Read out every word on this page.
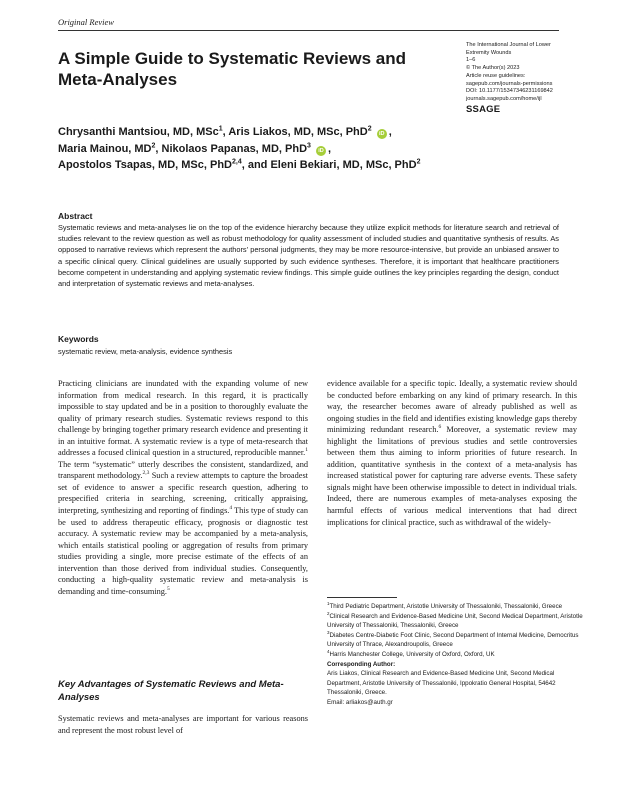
Original Review
A Simple Guide to Systematic Reviews and Meta-Analyses
The International Journal of Lower
Extremity Wounds
1–6
© The Author(s) 2023
Article reuse guidelines:
sagepub.com/journals-permissions
DOI: 10.1177/15347346231169842
journals.sagepub.com/home/ijl
SSAGE
Chrysanthi Mantsiou, MD, MSc$^1$, Aris Liakos, MD, MSc, PhD$^2$ iD ,
Maria Mainou, $MD^2$, Nikolaos Papanas, MD, PhD$^3$ iD ,
Apostolos Tsapas, MD, MSc, PhD$^{2,4}$, and Eleni Bekiari, MD, MSc, PhD$^2$
Abstract

Systematic reviews and meta-analyses lie on the top of the evidence hierarchy because they utilize explicit methods for literature search and retrieval of studies relevant to the review question as well as robust methodology for quality assessment of included studies and quantitative synthesis of results. As opposed to narrative reviews which represent the authors' personal judgments, they may be more resource-intensive, but provide an unbiased answer to a specific clinical query. Clinical guidelines are usually supported by such evidence syntheses. Therefore, it is important that healthcare practitioners become competent in understanding and applying systematic review findings. This simple guide outlines the key principles regarding the design, conduct and interpretation of systematic reviews and meta-analyses.

Keywords
systematic review, meta-analysis, evidence synthesis

Practicing clinicians are inundated with the expanding volume of new information from medical research. In this regard, it is practically impossible to stay updated and be in a position to thoroughly evaluate the quality of primary research studies. Systematic reviews respond to this challenge by bringing together primary research evidence and presenting it in an intuitive format. A systematic review is a type of meta-research that addresses a focused clinical question in a structured, reproducible manner.$^1$ The term “systematic” utterly describes the consistent, standardized, and transparent methodology.$^{2,3}$ Such a review attempts to capture the broadest set of evidence to answer a specific research question, adhering to prespecified criteria in searching, screening, critically appraising, interpreting, synthesizing and reporting of findings.$^4$ This type of study can be used to address therapeutic efficacy, prognosis or diagnostic test accuracy. A systematic review may be accompanied by a meta-analysis, which entails statistical pooling or aggregation of results from primary studies providing a single, more precise estimate of the effects of an intervention than those derived from individual studies. Consequently, conducting a high-quality systematic review and meta-analysis is demanding and time-consuming.$^5$

Key Advantages of Systematic Reviews and Meta-Analyses

Systematic reviews and meta-analyses are important for various reasons and represent the most robust level of

evidence available for a specific topic. Ideally, a systematic review should be conducted before embarking on any kind of primary research. In this way, the researcher becomes aware of already published as well as ongoing studies in the field and identifies existing knowledge gaps thereby minimizing redundant research.$^6$ Moreover, a systematic review may highlight the limitations of previous studies and settle controversies between them thus aiming to inform priorities of future research. In addition, quantitative synthesis in the context of a meta-analysis has increased statistical power for capturing rare adverse events. These safety signals might have been otherwise impossible to detect in individual trials. Indeed, there are numerous examples of meta-analyses exposing the harmful effects of various medical interventions that had direct implications for clinical practice, such as withdrawal of the widely-

$^1$Third Pediatric Department, Aristotle University of Thessaloniki, Thessaloniki, Greece
$^2$Clinical Research and Evidence-Based Medicine Unit, Second Medical Department, Aristotle University of Thessaloniki, Thessaloniki, Greece
$^3$Diabetes Centre-Diabetic Foot Clinic, Second Department of Internal Medicine, Democritus University of Thrace, Alexandroupolis, Greece
$^4$Harris Manchester College, University of Oxford, Oxford, UK
Corresponding Author:
Aris Liakos, Clinical Research and Evidence-Based Medicine Unit, Second Medical Department, Aristotle University of Thessaloniki, Ippokratio General Hospital, 54642 Thessaloniki, Greece.
Email: arliakos@auth.gr
